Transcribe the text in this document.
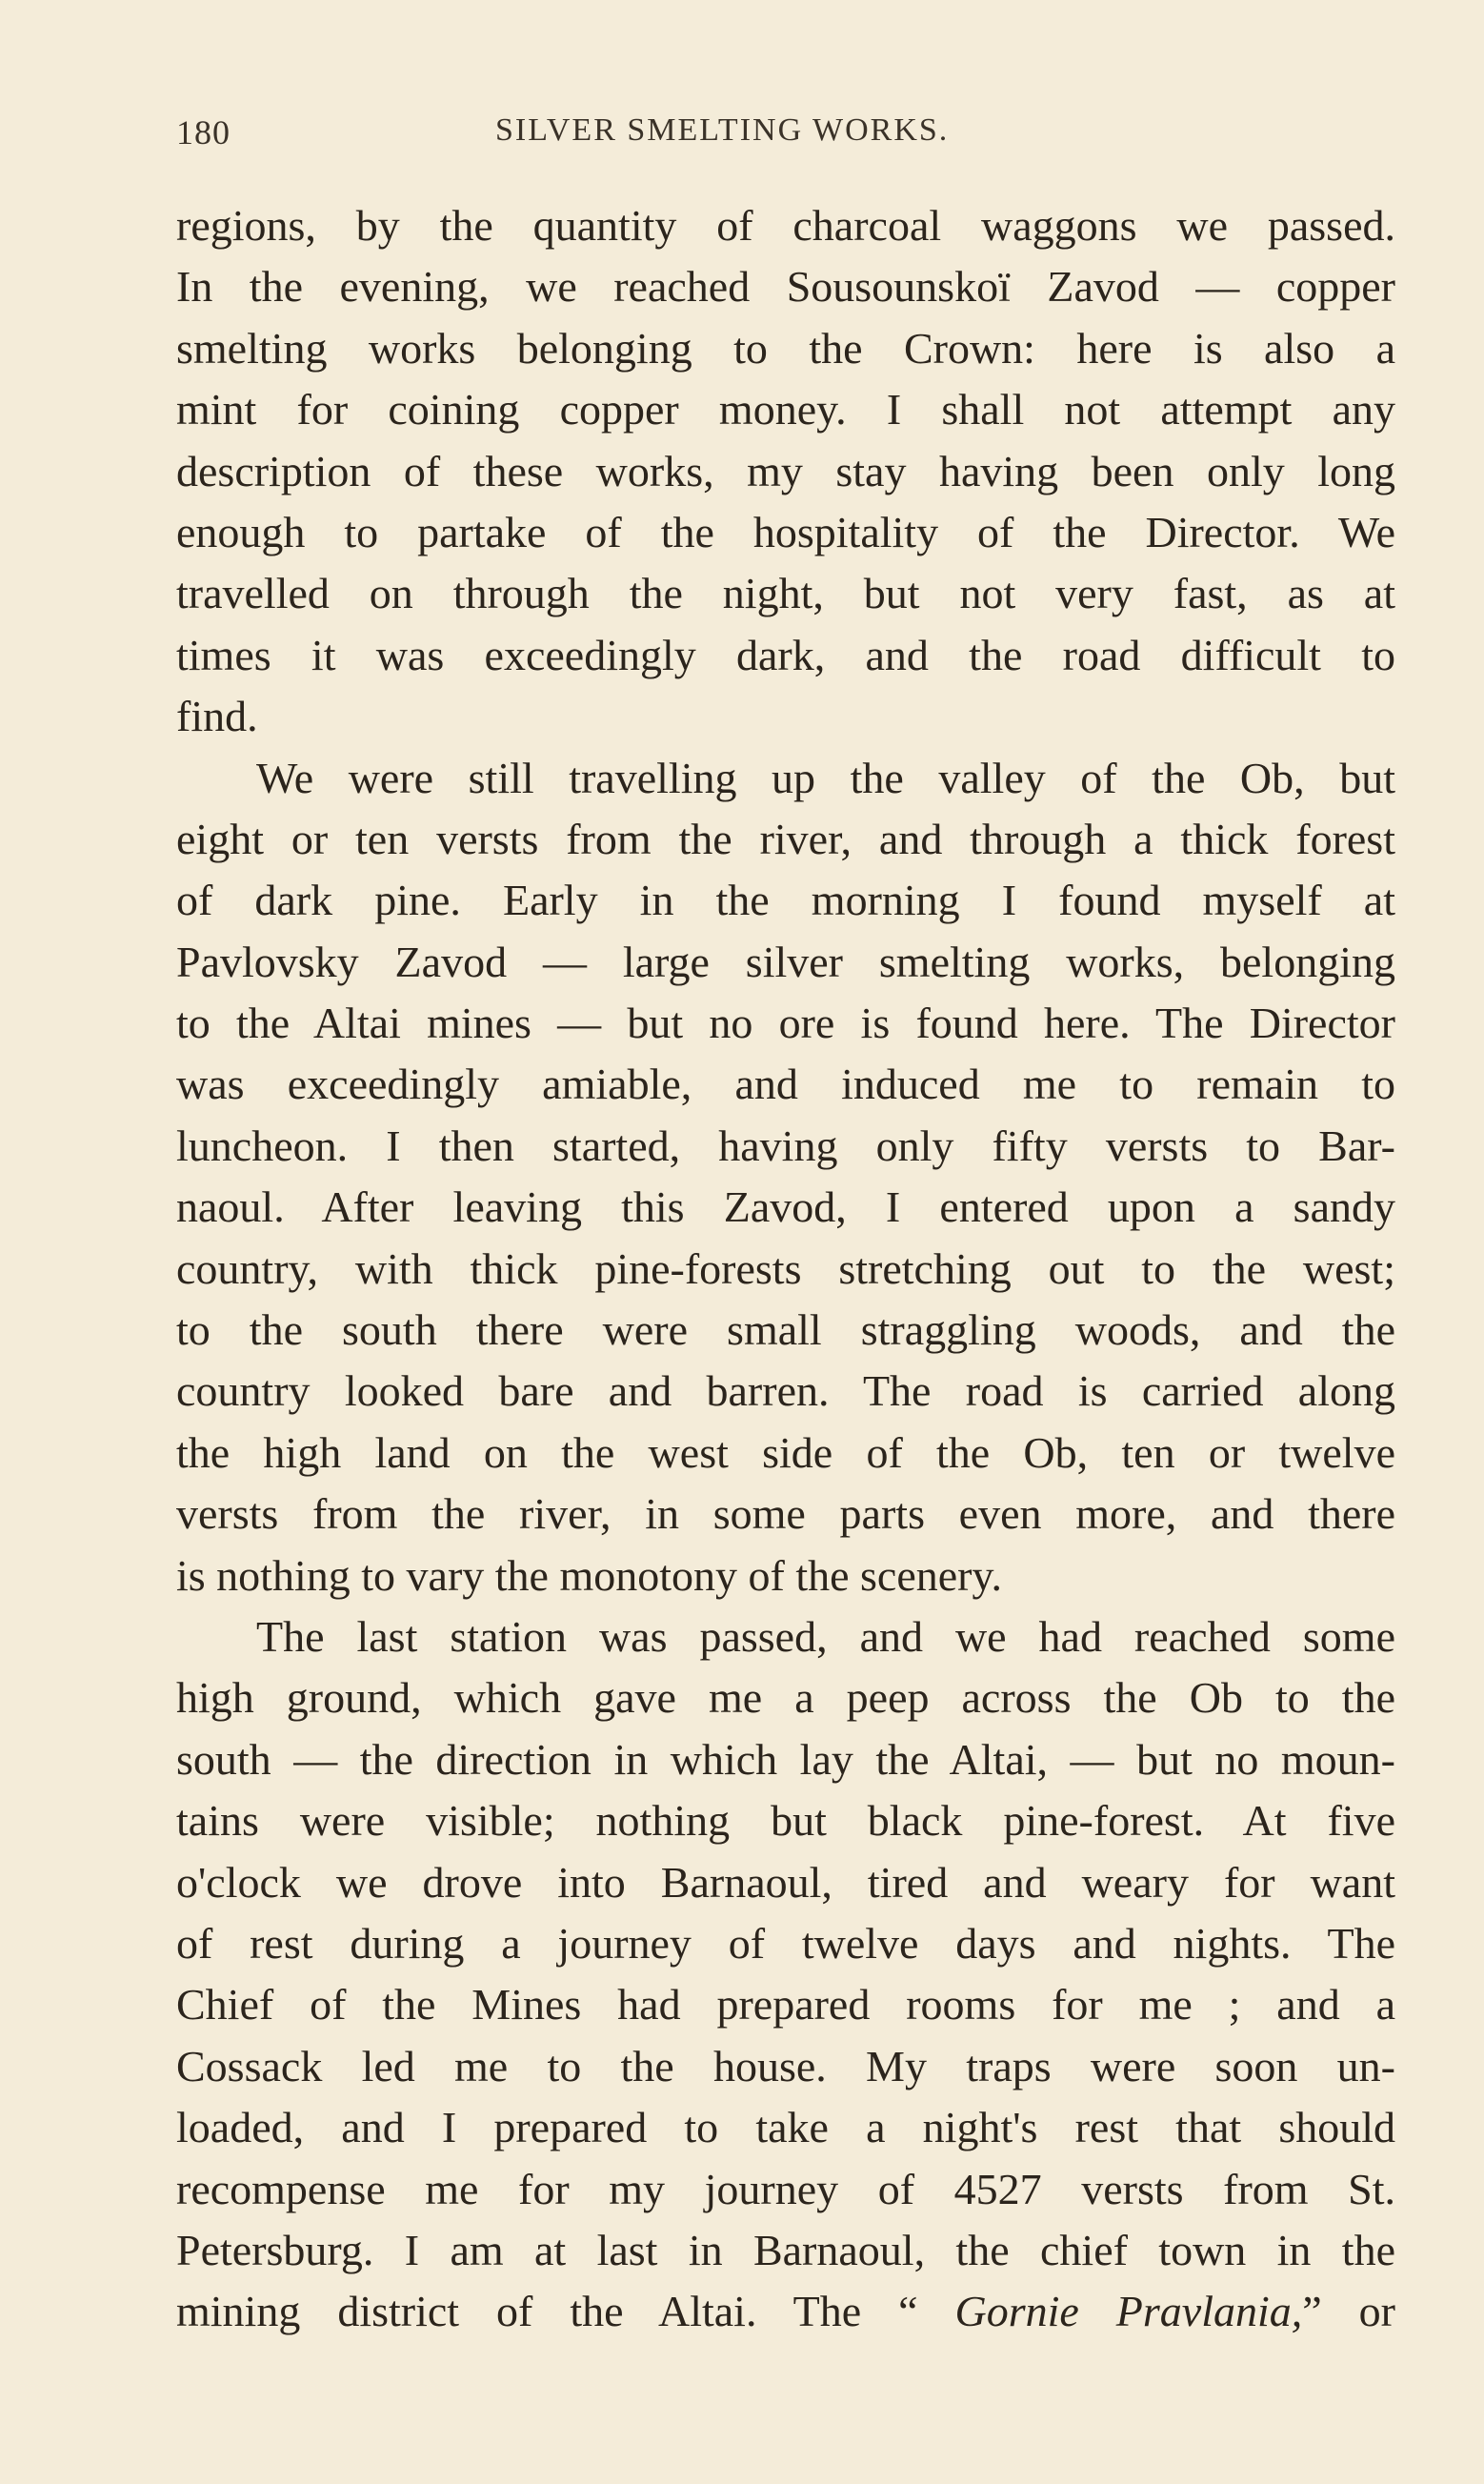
180	SILVER SMELTING WORKS.
regions, by the quantity of charcoal waggons we passed.
In the evening, we reached Sousounskoï Zavod — copper
smelting works belonging to the Crown: here is also a
mint for coining copper money. I shall not attempt any
description of these works, my stay having been only long
enough to partake of the hospitality of the Director. We
travelled on through the night, but not very fast, as at
times it was exceedingly dark, and the road difficult to
find.
We were still travelling up the valley of the Ob, but
eight or ten versts from the river, and through a thick forest
of dark pine. Early in the morning I found myself at
Pavlovsky Zavod — large silver smelting works, belonging
to the Altai mines — but no ore is found here. The Director
was exceedingly amiable, and induced me to remain to
luncheon. I then started, having only fifty versts to Bar-
naoul. After leaving this Zavod, I entered upon a sandy
country, with thick pine-forests stretching out to the west;
to the south there were small straggling woods, and the
country looked bare and barren. The road is carried along
the high land on the west side of the Ob, ten or twelve
versts from the river, in some parts even more, and there
is nothing to vary the monotony of the scenery.
The last station was passed, and we had reached some
high ground, which gave me a peep across the Ob to the
south — the direction in which lay the Altai, — but no moun-
tains were visible; nothing but black pine-forest. At five
o'clock we drove into Barnaoul, tired and weary for want
of rest during a journey of twelve days and nights. The
Chief of the Mines had prepared rooms for me ; and a
Cossack led me to the house. My traps were soon un-
loaded, and I prepared to take a night's rest that should
recompense me for my journey of 4527 versts from St.
Petersburg. I am at last in Barnaoul, the chief town in the
mining district of the Altai. The “ Gornie Pravlania,” or
